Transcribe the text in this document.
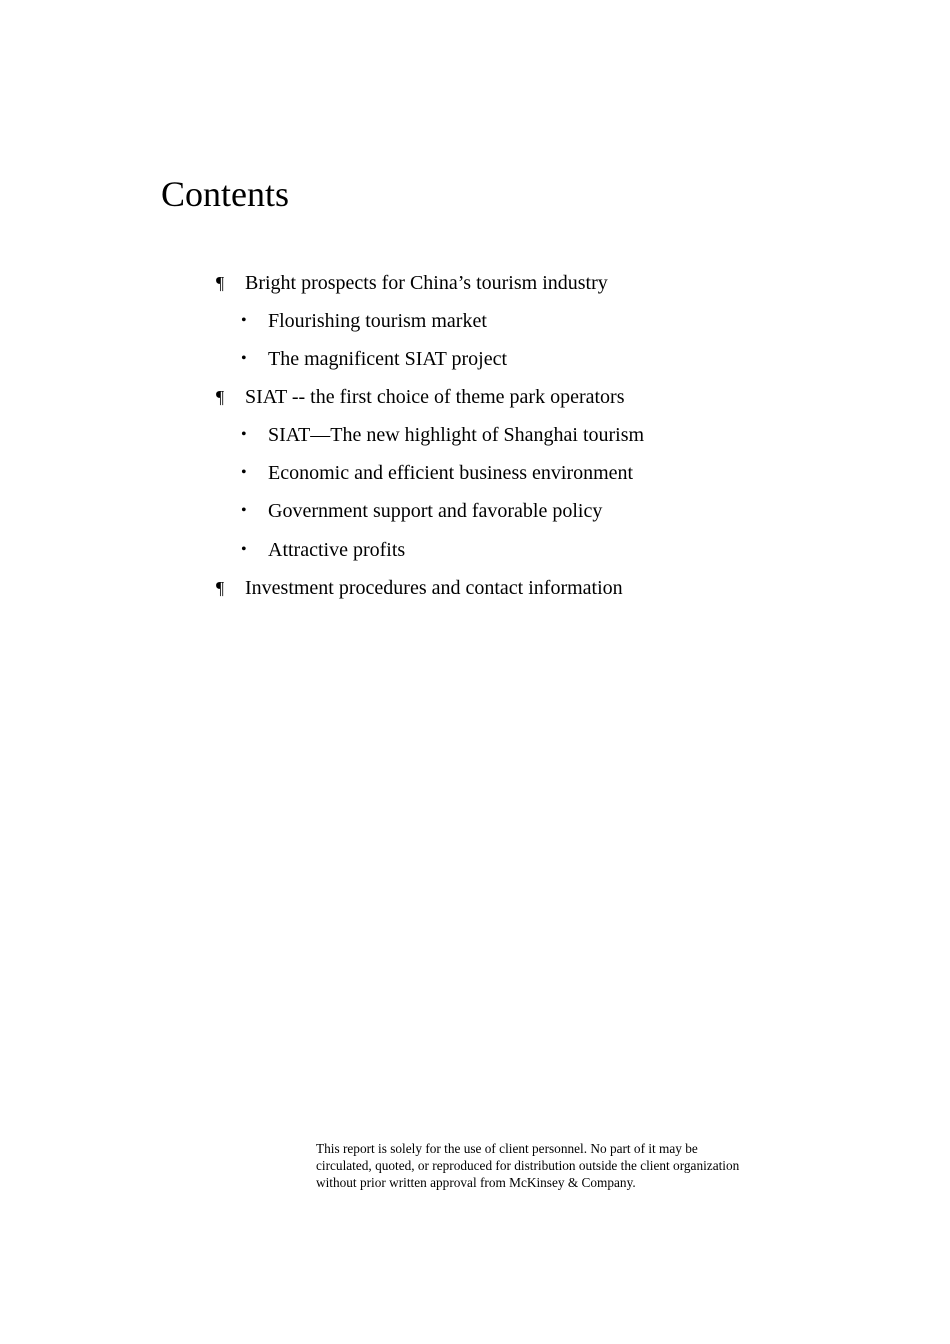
Contents
¶ Bright prospects for China’s tourism industry
• Flourishing tourism market
• The magnificent SIAT project
¶ SIAT -- the first choice of theme park operators
• SIAT—The new highlight of Shanghai tourism
• Economic and efficient business environment
• Government support and favorable policy
• Attractive profits
¶ Investment procedures and contact information

This report is solely for the use of client personnel. No part of it may be circulated, quoted, or reproduced for distribution outside the client organization without prior written approval from McKinsey & Company.
